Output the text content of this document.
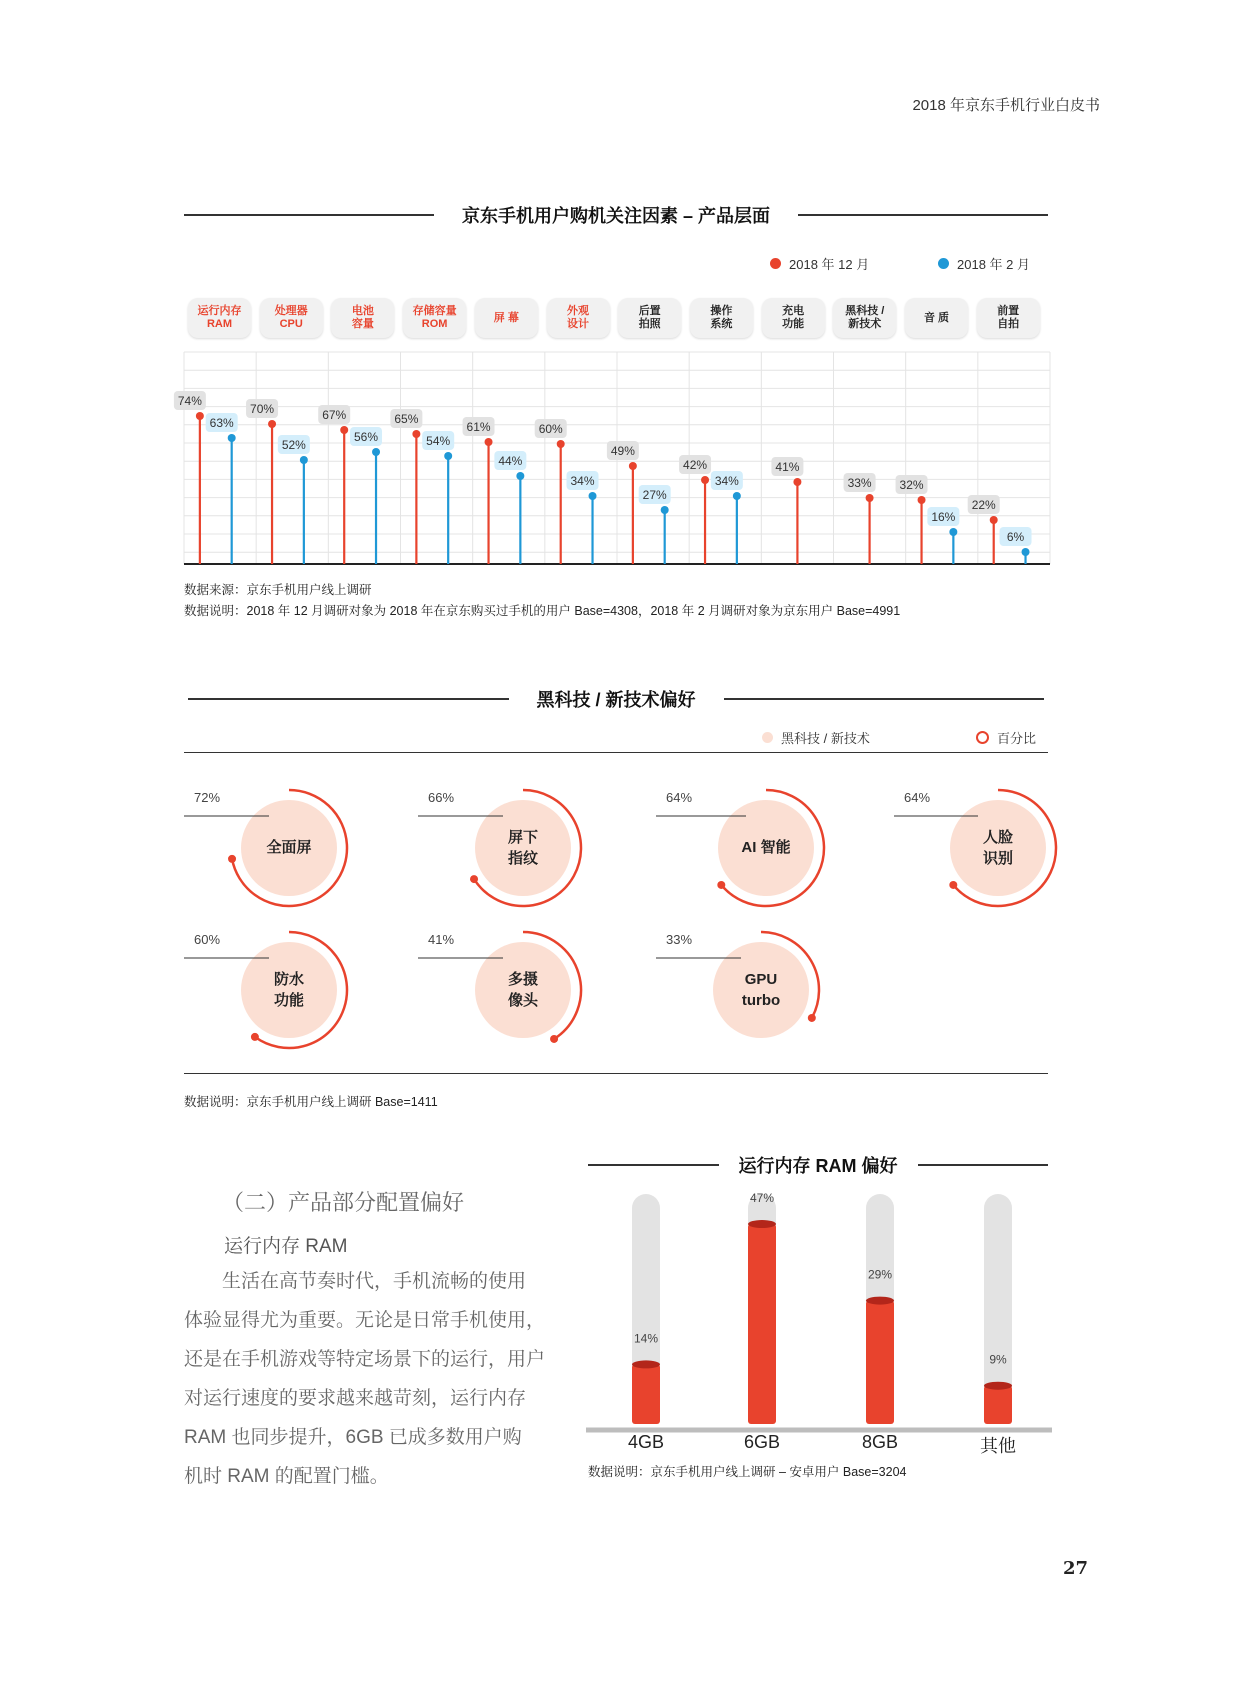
2018 年京东手机行业白皮书
京东手机用户购机关注因素 – 产品层面
2018 年 12 月	2018 年 2 月
运行内存
RAM
处理器
CPU
电池
容量
存储容量
ROM
屏 幕
外观
设计
后置
拍照
操作
系统
充电
功能
黑科技 /
新技术
音 质
前置
自拍
74%
63%
70%
52%
67%
56%
65%
54%
61%
44%
60%
34%
49%
27%
42%
34%
41%
33% 32%
16%
22%
6%
数据来源：京东手机用户线上调研
数据说明：2018 年 12 月调研对象为 2018 年在京东购买过手机的用户 Base=4308，2018 年 2 月调研对象为京东用户 Base=4991
黑科技 / 新技术偏好
黑科技 / 新技术	百分比
72%
全面屏
66%
屏下
指纹
64%
AI 智能
64%
人脸
识别
60%
防水
功能
41%
多摄
像头
33%
GPU
turbo
数据说明：京东手机用户线上调研 Base=1411
（二）产品部分配置偏好
运行内存 RAM
生活在高节奏时代，手机流畅的使用
体验显得尤为重要。无论是日常手机使用，
还是在手机游戏等特定场景下的运行，用户
对运行速度的要求越来越苛刻，运行内存
RAM 也同步提升，6GB 已成多数用户购
机时 RAM 的配置门槛。
运行内存 RAM 偏好
14%
47%
29%
9%
4GB	6GB	8GB	其他
数据说明：京东手机用户线上调研 – 安卓用户 Base=3204
27
